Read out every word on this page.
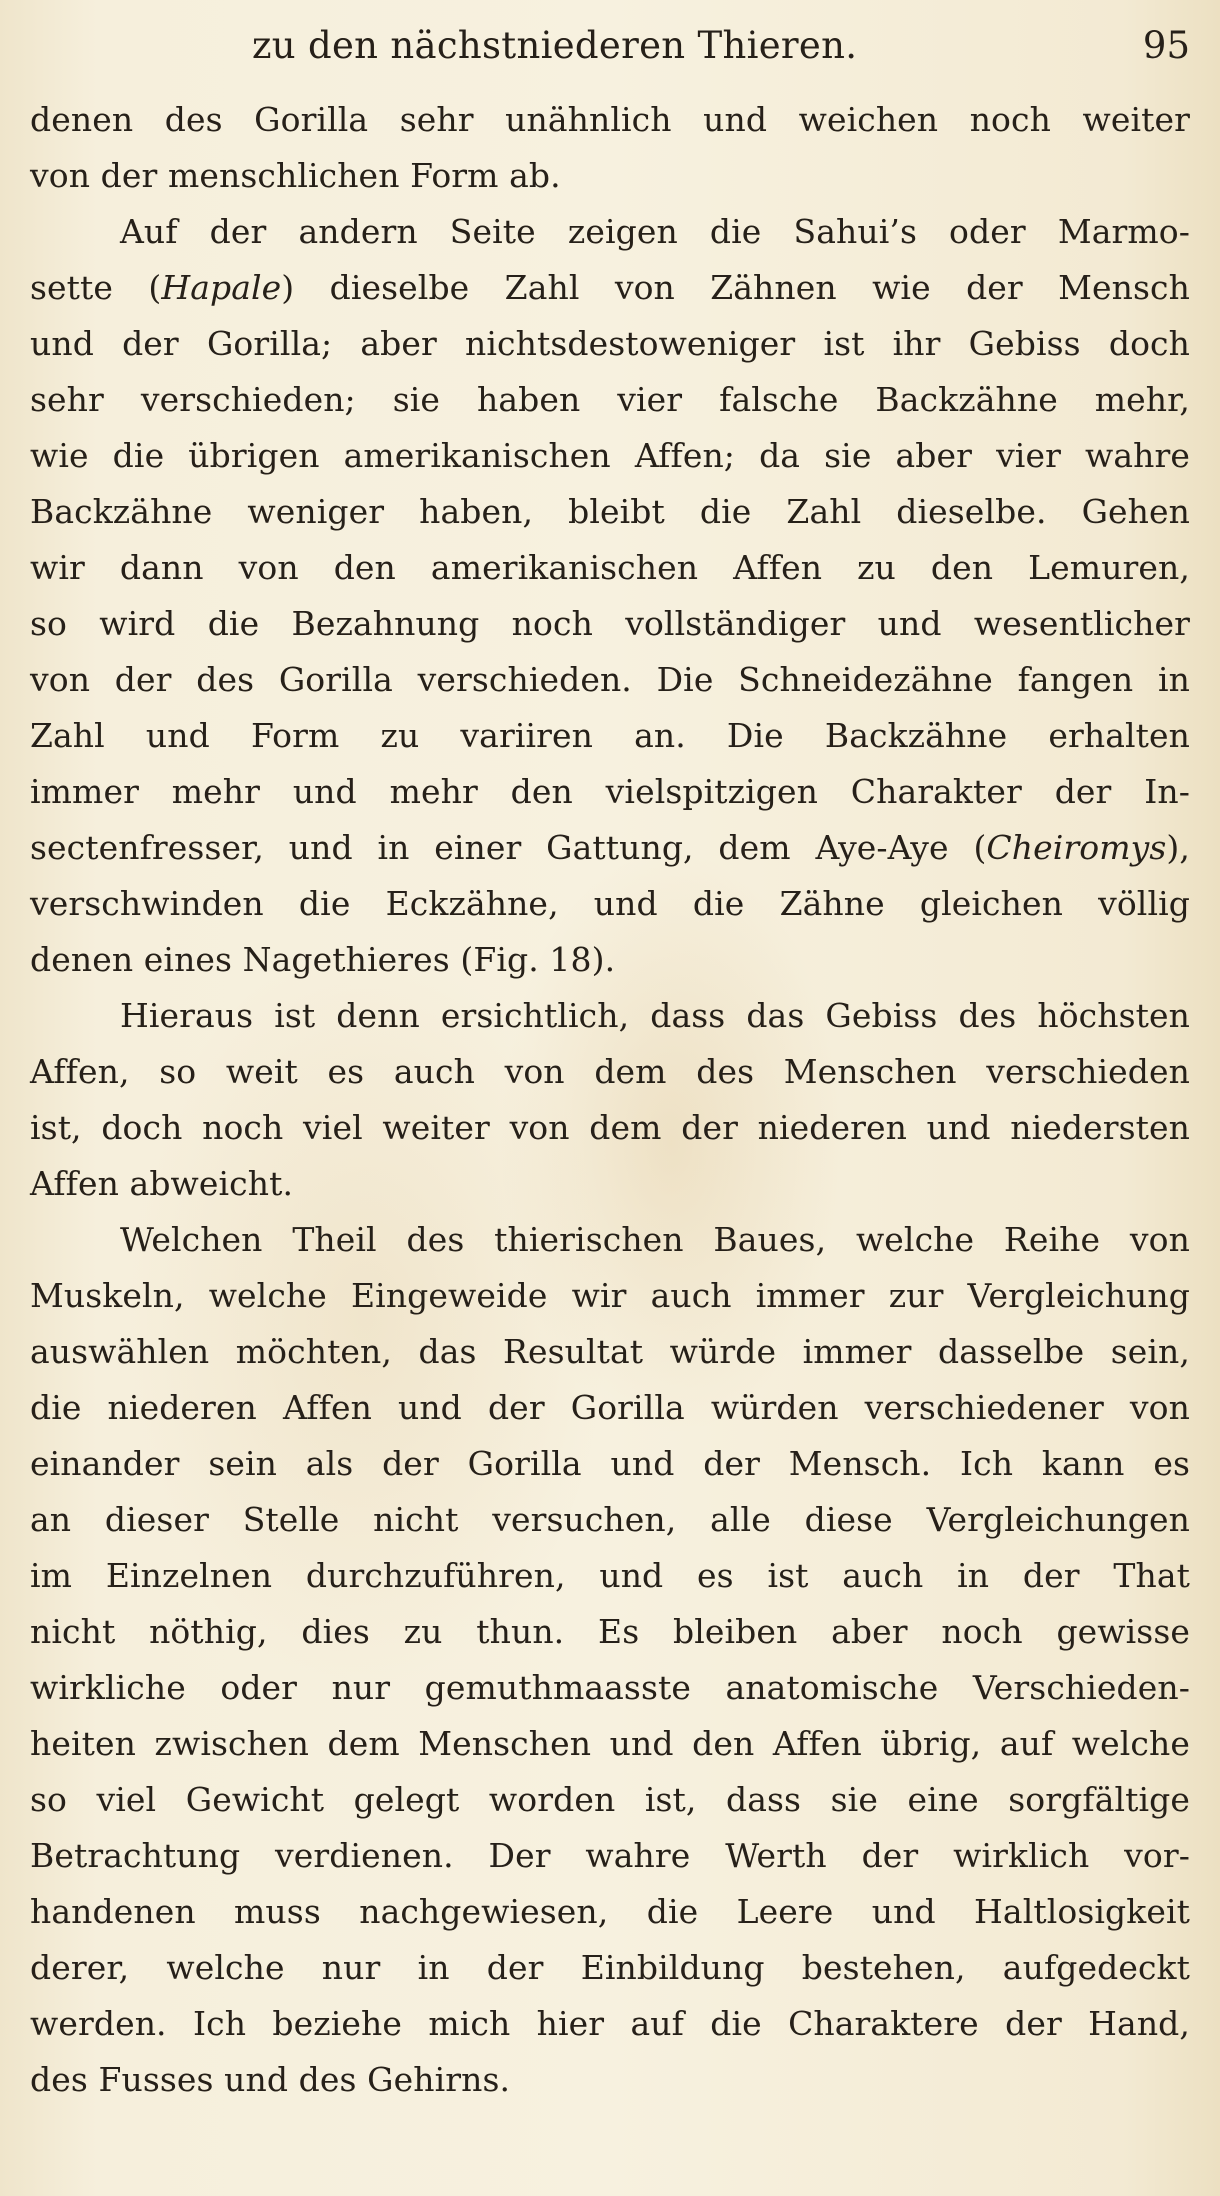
zu den nächstniederen Thieren.	95
denen des Gorilla sehr unähnlich und weichen noch weiter
von der menschlichen Form ab.
Auf der andern Seite zeigen die Sahui’s oder Marmo-
sette (Hapale) dieselbe Zahl von Zähnen wie der Mensch
und der Gorilla; aber nichtsdestoweniger ist ihr Gebiss doch
sehr verschieden; sie haben vier falsche Backzähne mehr,
wie die übrigen amerikanischen Affen; da sie aber vier wahre
Backzähne weniger haben, bleibt die Zahl dieselbe. Gehen
wir dann von den amerikanischen Affen zu den Lemuren,
so wird die Bezahnung noch vollständiger und wesentlicher
von der des Gorilla verschieden. Die Schneidezähne fangen in
Zahl und Form zu variiren an. Die Backzähne erhalten
immer mehr und mehr den vielspitzigen Charakter der In-
sectenfresser, und in einer Gattung, dem Aye-Aye (Cheiromys),
verschwinden die Eckzähne, und die Zähne gleichen völlig
denen eines Nagethieres (Fig. 18).
Hieraus ist denn ersichtlich, dass das Gebiss des höchsten
Affen, so weit es auch von dem des Menschen verschieden
ist, doch noch viel weiter von dem der niederen und niedersten
Affen abweicht.
Welchen Theil des thierischen Baues, welche Reihe von
Muskeln, welche Eingeweide wir auch immer zur Vergleichung
auswählen möchten, das Resultat würde immer dasselbe sein,
die niederen Affen und der Gorilla würden verschiedener von
einander sein als der Gorilla und der Mensch. Ich kann es
an dieser Stelle nicht versuchen, alle diese Vergleichungen
im Einzelnen durchzuführen, und es ist auch in der That
nicht nöthig, dies zu thun. Es bleiben aber noch gewisse
wirkliche oder nur gemuthmaasste anatomische Verschieden-
heiten zwischen dem Menschen und den Affen übrig, auf welche
so viel Gewicht gelegt worden ist, dass sie eine sorgfältige
Betrachtung verdienen. Der wahre Werth der wirklich vor-
handenen muss nachgewiesen, die Leere und Haltlosigkeit
derer, welche nur in der Einbildung bestehen, aufgedeckt
werden. Ich beziehe mich hier auf die Charaktere der Hand,
des Fusses und des Gehirns.
